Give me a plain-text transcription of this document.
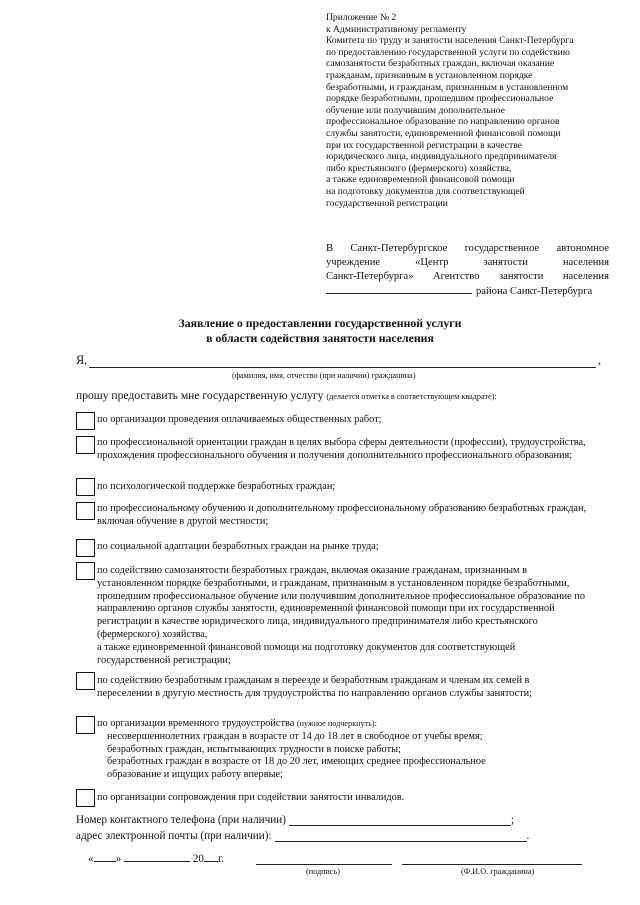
Приложение № 2
к Административному регламенту
Комитета по труду и занятости населения Санкт-Петербурга
по предоставлению государственной услуги по содействию
самозанятости безработных граждан, включая оказание
гражданам, признанным в установленном порядке
безработными, и гражданам, признанным в установленном
порядке безработными, прошедшим профессиональное
обучение или получившим дополнительное
профессиональное образование по направлению органов
службы занятости, единовременной финансовой помощи
при их государственной регистрации в качестве
юридического лица, индивидуального предпринимателя
либо крестьянского (фермерского) хозяйства,
а также единовременной финансовой помощи
на подготовку документов для соответствующей
государственной регистрации
В Санкт-Петербургское государственное автономное
учреждение	«Центр	занятости	населения
Санкт-Петербурга» Агентство занятости населения
района Санкт-Петербурга
Заявление о предоставлении государственной услуги
в области содействия занятости населения
Я,	,
(фамилия, имя, отчество (при наличии) гражданина)
прошу предоставить мне государственную услугу (делается отметка в соответствующем квадрате):
по организации проведения оплачиваемых общественных работ;
по профессиональной ориентации граждан в целях выбора сферы деятельности (профессии), трудоустройства, прохождения профессионального обучения и получения дополнительного профессионального образования;
по психологической поддержке безработных граждан;
по профессиональному обучению и дополнительному профессиональному образованию безработных граждан, включая обучение в другой местности;
по социальной адаптации безработных граждан на рынке труда;
по содействию самозанятости безработных граждан, включая оказание гражданам, признанным в установленном порядке безработными, и гражданам, признанным в установленном порядке безработными, прошедшим профессиональное обучение или получившим дополнительное профессиональное образование по направлению органов службы занятости, единовременной финансовой помощи при их государственной регистрации в качестве юридического лица, индивидуального предпринимателя либо крестьянского (фермерского) хозяйства,
а также единовременной финансовой помощи на подготовку документов для соответствующей государственной регистрации;
по содействию безработным гражданам в переезде и безработным гражданам и членам их семей в переселении в другую местность для трудоустройства по направлению органов службы занятости;
по организации временного трудоустройства (нужное подчеркнуть):
несовершеннолетних граждан в возрасте от 14 до 18 лет в свободное от учебы время;
безработных граждан, испытывающих трудности в поиске работы;
безработных граждан в возрасте от 18 до 20 лет, имеющих среднее профессиональное
образование и ищущих работу впервые;
по организации сопровождения при содействии занятости инвалидов.
Номер контактного телефона (при наличии)	;
адрес электронной почты (при наличии):	.
« »	20 г.
(подпись)	(Ф.И.О. гражданина)
